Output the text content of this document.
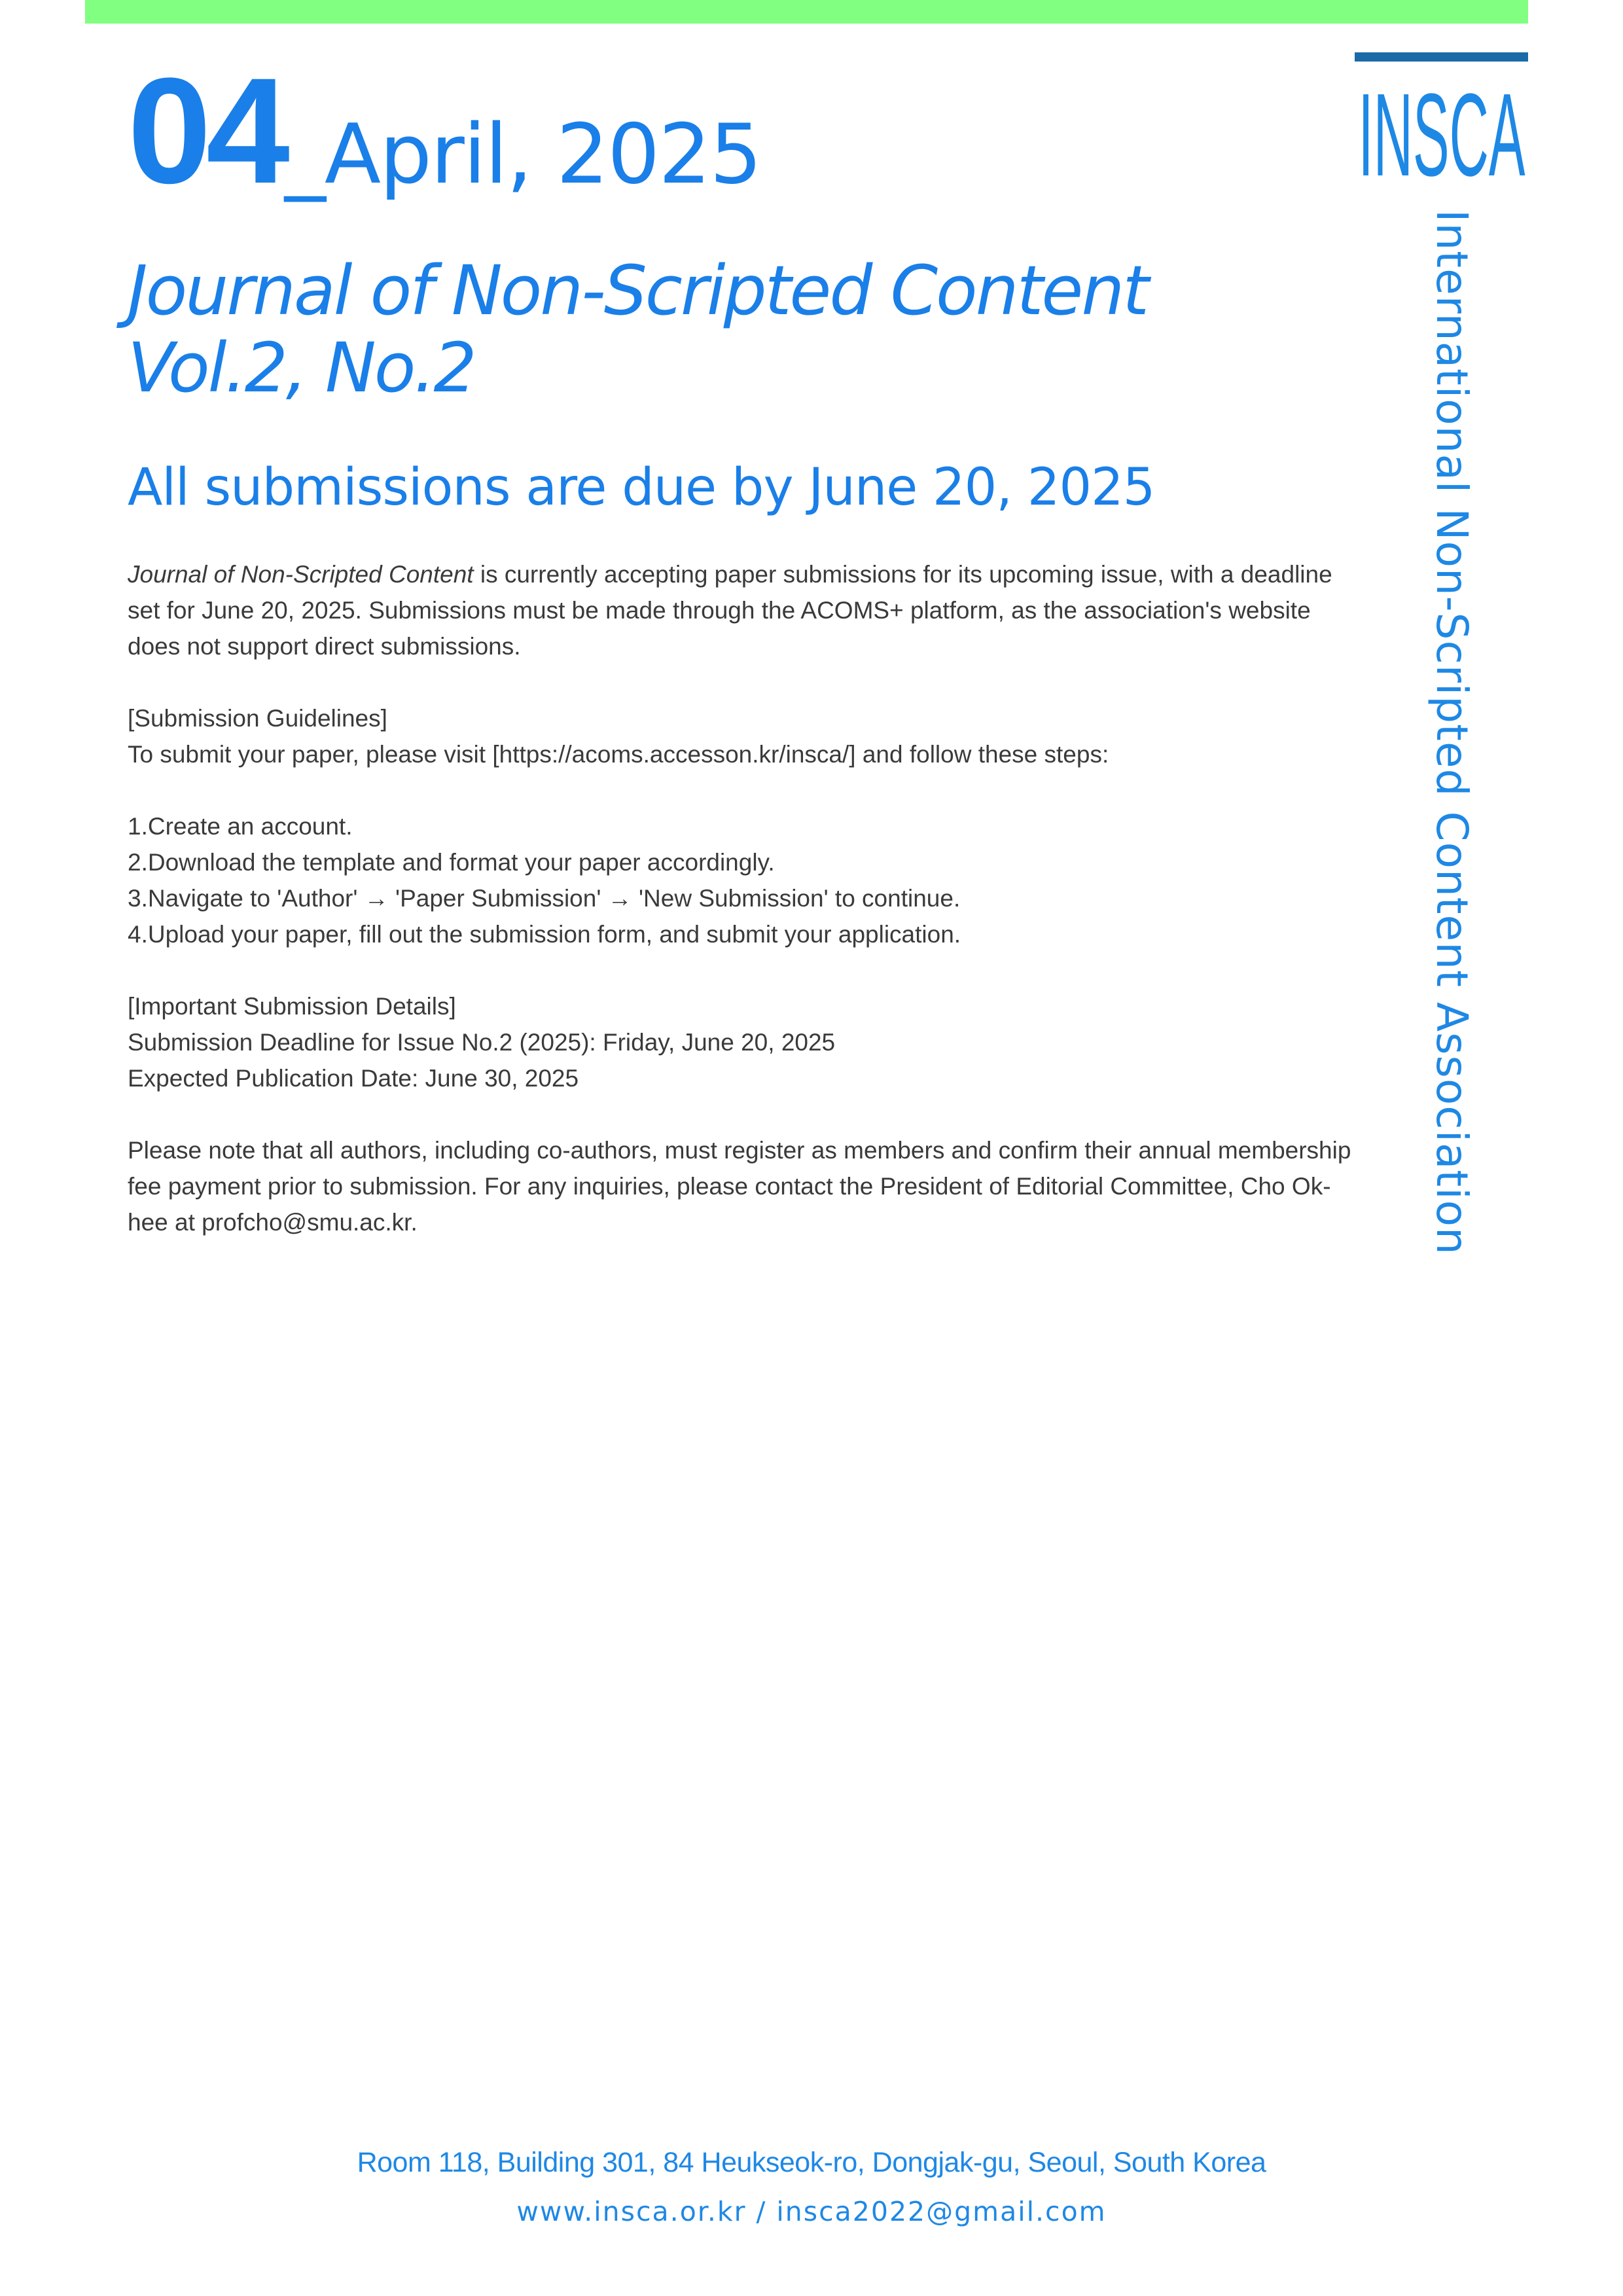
INSCA
International Non-Scripted Content Association
04_April, 2025
Journal of Non-Scripted Content
Vol.2, No.2
All submissions are due by June 20, 2025

Journal of Non-Scripted Content is currently accepting paper submissions for its upcoming issue, with a deadline set for June 20, 2025. Submissions must be made through the ACOMS+ platform, as the association's website does not support direct submissions.

[Submission Guidelines]

To submit your paper, please visit [https://acoms.accesson.kr/insca/] and follow these steps:

1.Create an account.

2.Download the template and format your paper accordingly.

3.Navigate to 'Author' → 'Paper Submission' → 'New Submission' to continue.

4.Upload your paper, fill out the submission form, and submit your application.

[Important Submission Details]

Submission Deadline for Issue No.2 (2025): Friday, June 20, 2025

Expected Publication Date: June 30, 2025

Please note that all authors, including co-authors, must register as members and confirm their annual membership fee payment prior to submission. For any inquiries, please contact the President of Editorial Committee, Cho Ok-hee at profcho@smu.ac.kr.

Room 118, Building 301, 84 Heukseok-ro, Dongjak-gu, Seoul, South Korea
www.insca.or.kr / insca2022@gmail.com
